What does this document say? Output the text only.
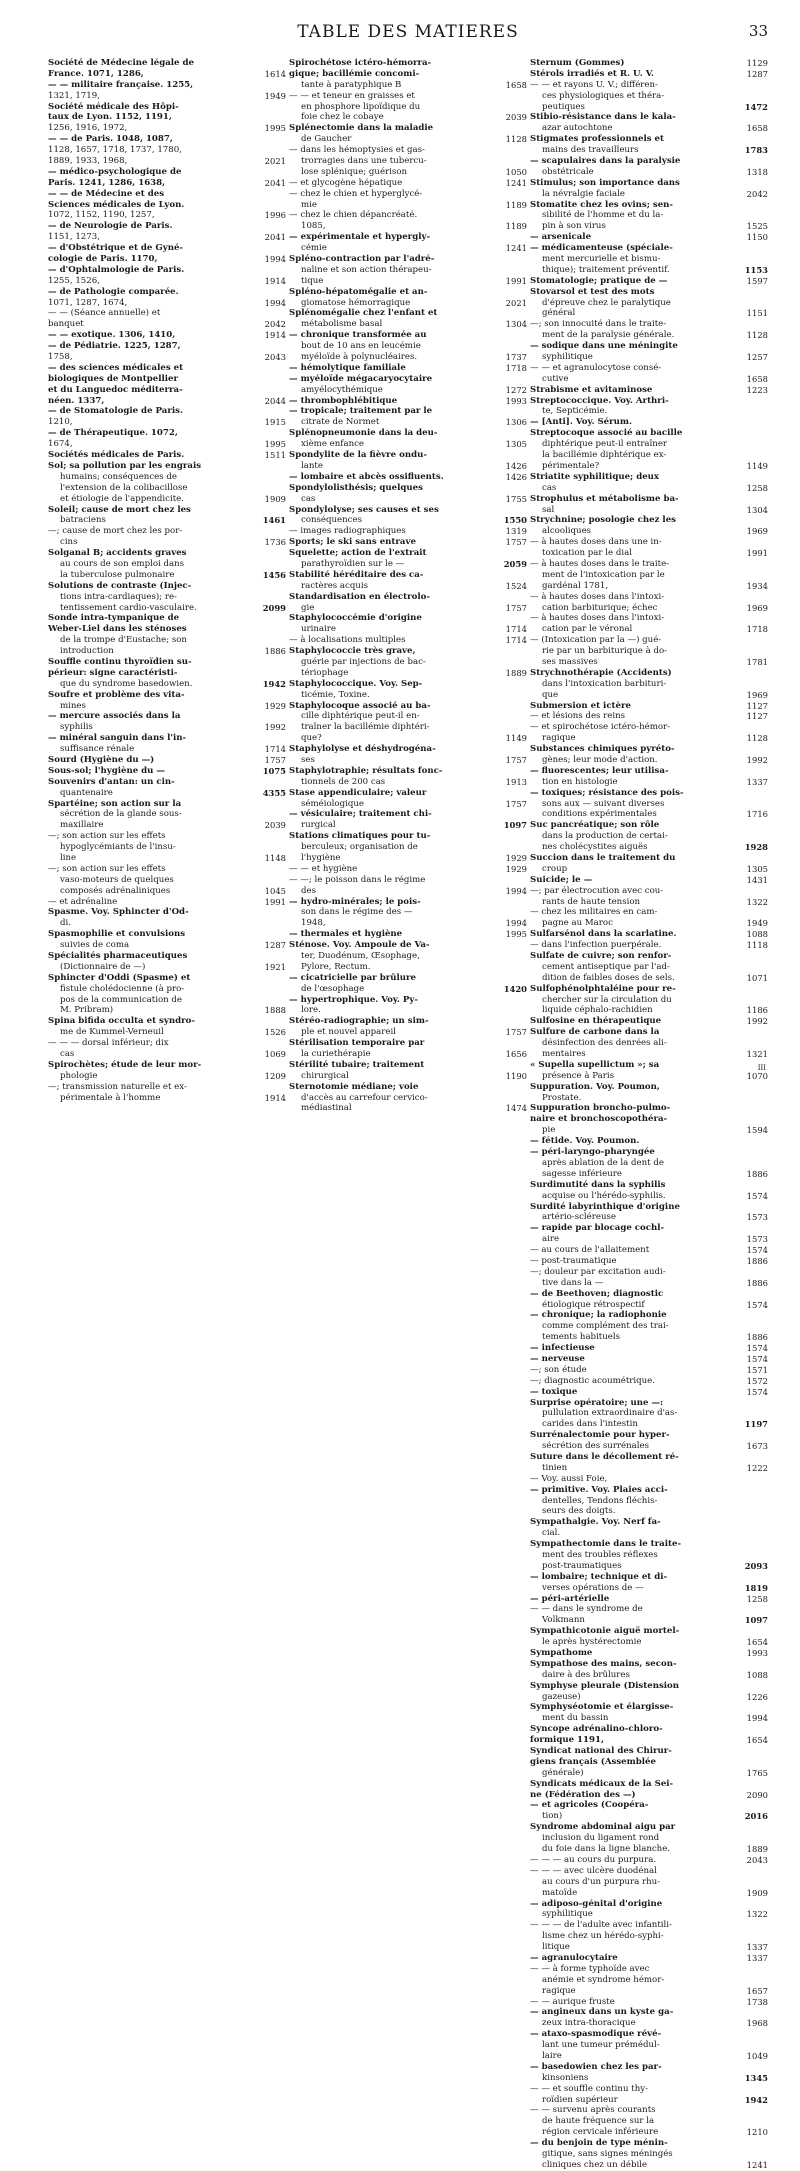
TABLE DES MATIERES	33
Société de Médecine légale de
France. 1071, 1286,	1614
— — militaire française. 1255,
1321, 1719,	1949
Société médicale des Hôpi-
taux de Lyon. 1152, 1191,
1256, 1916, 1972,	1995
— — de Paris. 1048, 1087,
1128, 1657, 1718, 1737, 1780,
1889, 1933, 1968,	2021
— médico-psychologique de
Paris. 1241, 1286, 1638,	2041
— — de Médecine et des
Sciences médicales de Lyon.
1072, 1152, 1190, 1257,	1996
— de Neurologie de Paris.
1151, 1273,	2041
— d'Obstétrique et de Gyné-
cologie de Paris. 1170,	1994
— d'Ophtalmologie de Paris.
1255, 1526,	1914
— de Pathologie comparée.
1071, 1287, 1674,	1994
— — (Séance annuelle) et
banquet	2042
— — exotique. 1306, 1410,	1914
— de Pédiatrie. 1225, 1287,
1758,	2043
— des sciences médicales et
biologiques de Montpellier
et du Languedoc méditerra-
néen. 1337,	2044
— de Stomatologie de Paris.
1210,	1915
— de Thérapeutique. 1072,
1674,	1995
Sociétés médicales de Paris.	1511
Sol; sa pollution par les engrais
humains; conséquences de
l'extension de la colibacillose
et étiologie de l'appendicite.	1909
Soleil; cause de mort chez les
batraciens	1461
—; cause de mort chez les por-
cins	1736
Solganal B; accidents graves
au cours de son emploi dans
la tuberculose pulmonaire	1456
Solutions de contraste (Injec-
tions intra-cardiaques); re-
tentissement cardio-vasculaire.	2099
Sonde intra-tympanique de
Weber-Liel dans les sténoses
de la trompe d'Eustache; son
introduction	1886
Souffle continu thyroïdien su-
périeur: signe caractéristi-
que du syndrome basedowien.	1942
Soufre et problème des vita-
mines	1929
— mercure associés dans la
syphilis	1992
— minéral sanguin dans l'in-
suffisance rénale	1714
Sourd (Hygiène du —)	1757
Sous-sol; l'hygiène du —	1075
Souvenirs d'antan: un cin-
quantenaire	4355
Spartéine; son action sur la
sécrétion de la glande sous-
maxillaire	2039
—; son action sur les effets
hypoglycémiants de l'insu-
line	1148
—; son action sur les effets
vaso-moteurs de quelques
composés adrénaliniques	1045
— et adrénaline	1991
Spasme. Voy. Sphincter d'Od-
di.
Spasmophilie et convulsions
suivies de coma	1287
Spécialités pharmaceutiques
(Dictionnaire de —)	1921
Sphincter d'Oddi (Spasme) et
fistule cholédocienne (à pro-
pos de la communication de
M. Pribram)	1888
Spina bifida occulta et syndro-
me de Kummel-Verneuil	1526
— — — dorsal inférieur; dix
cas	1069
Spirochètes; étude de leur mor-
phologie	1209
—; transmission naturelle et ex-
périmentale à l'homme	1914
Spirochétose ictéro-hémorra-
gique; bacillémie concomi-
tante à paratyphique B	1658
— — et teneur en graisses et
en phosphore lipoïdique du
foie chez le cobaye	2039
Splénectomie dans la maladie
de Gaucher	1128
— dans les hémoptysies et gas-
trorragies dans une tubercu-
lose splénique; guérison	1050
— et glycogène hépatique	1241
— chez le chien et hyperglycé-
mie	1189
— chez le chien dépancréaté.
1085,	1189
— expérimentale et hypergly-
cémie	1241
Spléno-contraction par l'adré-
naline et son action thérapeu-
tique	1991
Spléno-hépatomégalie et an-
giomatose hémorragique	2021
Splénomégalie chez l'enfant et
métabolisme basal	1304
— chronique transformée au
bout de 10 ans en leucémie
myéloïde à polynucléaires.	1737
— hémolytique familiale	1718
— myéloïde mégacaryocytaire
amyélocythémique	1272
— thrombophlébitique	1993
— tropicale; traitement par le
citrate de Normet	1306
Splénopneumonie dans la deu-
xième enfance	1305
Spondylite de la fièvre ondu-
lante	1426
— lombaire et abcès ossifluents.	1426
Spondylolisthésis; quelques
cas	1755
Spondylolyse; ses causes et ses
conséquences	1550
— images radiographiques	1319
Sports; le ski sans entrave	1757
Squelette; action de l'extrait
parathyroïdien sur le —	2059
Stabilité héréditaire des ca-
ractères acquis	1524
Standardisation en électrolo-
gie	1757
Staphylococcémie d'origine
urinaire	1714
— à localisations multiples	1714
Staphylococcie très grave,
guérie par injections de bac-
tériophage	1889
Staphylococcique. Voy. Sep-
ticémie, Toxine.
Staphylocoque associé au ba-
cille diphtérique peut-il en-
traîner la bacillémie diphtéri-
que?	1149
Staphylolyse et déshydrogéna-
ses	1757
Staphylotraphie; résultats fonc-
tionnels de 200 cas	1913
Stase appendiculaire; valeur
séméiologique	1757
— vésiculaire; traitement chi-
rurgical	1097
Stations climatiques pour tu-
berculeux; organisation de
l'hygiène	1929
— — et hygiène	1929
— —; le poisson dans le régime
des	1994
— hydro-minérales; le pois-
son dans le régime des —
1948,	1994
— thermales et hygiène	1995
Sténose. Voy. Ampoule de Va-
ter, Duodénum, Œsophage,
Pylore, Rectum.
— cicatricielle par brûlure
de l'œsophage	1420
— hypertrophique. Voy. Py-
lore.
Stéréo-radiographie; un sim-
ple et nouvel appareil	1757
Stérilisation temporaire par
la curiethérapie	1656
Stérilité tubaire; traitement
chirurgical	1190
Sternotomie médiane; voie
d'accès au carrefour cervico-
médiastinal	1474
Sternum (Gommes)	1129
Stérols irradiés et R. U. V.	1287
— — et rayons U. V.; différen-
ces physiologiques et théra-
peutiques	1472
Stibio-résistance dans le kala-
azar autochtone	1658
Stigmates professionnels et
mains des travailleurs	1783
— scapulaires dans la paralysie
obstétricale	1318
Stimulus; son importance dans
la névralgie faciale	2042
Stomatite chez les ovins; sen-
sibilité de l'homme et du la-
pin à son virus	1525
— arsenicale	1150
— médicamenteuse (spéciale-
ment mercurielle et bismu-
thique); traitement préventif.	1153
Stomatologie; pratique de —	1597
Stovarsol et test des mots
d'épreuve chez le paralytique
général	1151
—; son innocuité dans le traite-
ment de la paralysie générale.	1128
— sodique dans une méningite
syphilitique	1257
— — et agranulocytose consé-
cutive	1658
Strabisme et avitaminose	1223
Streptococcique. Voy. Arthri-
te, Septicémie.
— [Anti]. Voy. Sérum.
Streptocoque associé au bacille
diphtérique peut-il entraîner
la bacillémie diphtérique ex-
périmentale?	1149
Striatite syphilitique; deux
cas	1258
Strophulus et métabolisme ba-
sal	1304
Strychnine; posologie chez les
alcooliques	1969
— à hautes doses dans une in-
toxication par le dial	1991
— à hautes doses dans le traite-
ment de l'intoxication par le
gardénal 1781,	1934
— à hautes doses dans l'intoxi-
cation barbiturique; échec	1969
— à hautes doses dans l'intoxi-
cation par le véronal	1718
— (Intoxication par la —) gué-
rie par un barbiturique à do-
ses massives	1781
Strychnothérapie (Accidents)
dans l'intoxication barbituri-
que	1969
Submersion et ictère	1127
— et lésions des reins	1127
— et spirochétose ictéro-hémor-
ragique	1128
Substances chimiques pyréto-
gènes; leur mode d'action.	1992
— fluorescentes; leur utilisa-
tion en histologie	1337
— toxiques; résistance des pois-
sons aux — suivant diverses
conditions expérimentales	1716
Suc pancréatique; son rôle
dans la production de certai-
nes cholécystites aiguës	1928
Succion dans le traitement du
croup	1305
Suicide; le —	1431
—; par électrocution avec cou-
rants de haute tension	1322
— chez les militaires en cam-
pagne au Maroc	1949
Sulfarsénol dans la scarlatine.	1088
— dans l'infection puerpérale.	1118
Sulfate de cuivre; son renfor-
cement antiseptique par l'ad-
dition de faibles doses de sels.	1071
Sulfophénolphtaléine pour re-
chercher sur la circulation du
liquide céphalo-rachidien	1186
Sulfosine en thérapeutique	1992
Sulfure de carbone dans la
désinfection des denrées ali-
mentaires	1321
« Supella supellictum »; sa
présence à Paris	1070
Suppuration. Voy. Poumon,
Prostate.
Suppuration broncho-pulmo-
naire et bronchoscopothéra-
pie	1594
— fétide. Voy. Poumon.
— péri-laryngo-pharyngée
après ablation de la dent de
sagesse inférieure	1886
Surdimutité dans la syphilis
acquise ou l'hérédo-syphilis.	1574
Surdité labyrinthique d'origine
artério-scléreuse	1573
— rapide par blocage cochl-
aire	1573
— au cours de l'allaitement	1574
— post-traumatique	1886
—; douleur par excitation audi-
tive dans la —	1886
— de Beethoven; diagnostic
étiologique rétrospectif	1574
— chronique; la radiophonie
comme complément des trai-
tements habituels	1886
— infectieuse	1574
— nerveuse	1574
—; son étude	1571
—; diagnostic acoumétrique.	1572
— toxique	1574
Surprise opératoire; une —:
pullulation extraordinaire d'as-
carides dans l'intestin	1197
Surrénalectomie pour hyper-
sécrétion des surrénales	1673
Suture dans le décollement ré-
tinien	1222
— Voy. aussi Foie,
— primitive. Voy. Plaies acci-
dentelles, Tendons fléchis-
seurs des doigts.
Sympathalgie. Voy. Nerf fa-
cial.
Sympathectomie dans le traite-
ment des troubles réflexes
post-traumatiques	2093
— lombaire; technique et di-
verses opérations de —	1819
— péri-artérielle	1258
— — dans le syndrome de
Volkmann	1097
Sympathicotonie aiguë mortel-
le après hystérectomie	1654
Sympathome	1993
Sympathose des mains, secon-
daire à des brûlures	1088
Symphyse pleurale (Distension
gazeuse)	1226
Symphyséotomie et élargisse-
ment du bassin	1994
Syncope adrénalino-chloro-
formique 1191,	1654
Syndicat national des Chirur-
giens français (Assemblée
générale)	1765
Syndicats médicaux de la Sei-
ne (Fédération des —)	2090
— et agricoles (Coopéra-
tion)	2016
Syndrome abdominal aigu par
inclusion du ligament rond
du foie dans la ligne blanche.	1889
— — — au cours du purpura.	2043
— — — avec ulcère duodénal
au cours d'un purpura rhu-
matoïde	1909
— adiposo-génital d'origine
syphilitique	1322
— — — de l'adulte avec infantili-
lisme chez un hérédo-syphi-
litique	1337
— agranulocytaire	1337
— — à forme typhoïde avec
anémie et syndrome hémor-
ragique	1657
— — aurique fruste	1738
— angineux dans un kyste ga-
zeux intra-thoracique	1968
— ataxo-spasmodique révé-
lant une tumeur prémédul-
laire	1049
— basedowien chez les par-
kinsoniens	1345
— — et souffle continu thy-
roïdien supérieur	1942
— — survenu après courants
de haute fréquence sur la
région cervicale inférieure	1210
— du benjoin de type ménin-
gitique, sans signes méningés
cliniques chez un débile	1241
III
